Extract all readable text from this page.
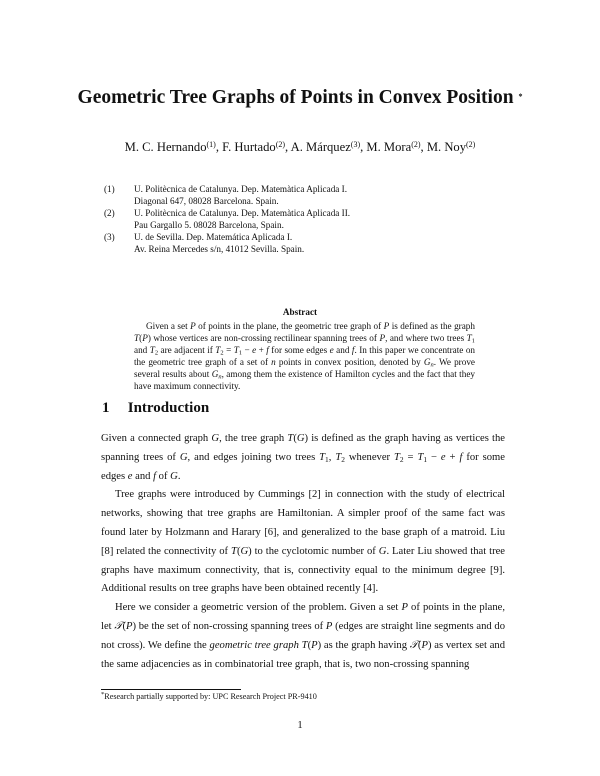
Geometric Tree Graphs of Points in Convex Position *
M. C. Hernando$^{(1)}$, F. Hurtado$^{(2)}$, A. Márquez$^{(3)}$, M. Mora$^{(2)}$, M. Noy$^{(2)}$
(1)	U. Politècnica de Catalunya. Dep. Matemàtica Aplicada I.
Diagonal 647, 08028 Barcelona. Spain.
(2)	U. Politècnica de Catalunya. Dep. Matemàtica Aplicada II.
Pau Gargallo 5. 08028 Barcelona, Spain.
(3)	U. de Sevilla. Dep. Matemática Aplicada I.
Av. Reina Mercedes s/n, 41012 Sevilla. Spain.
Abstract
Given a set P of points in the plane, the geometric tree graph of P is defined as the graph T(P) whose vertices are non-crossing rectilinear spanning trees of P, and where two trees $T_1$ and $T_2$ are adjacent if $T_2 = T_1 - e + f$ for some edges e and f. In this paper we concentrate on the geometric tree graph of a set of n points in convex position, denoted by $G_n$. We prove several results about $G_n$, among them the existence of Hamilton cycles and the fact that they have maximum connectivity.
1 Introduction

Given a connected graph G, the tree graph T(G) is defined as the graph having as vertices the spanning trees of G, and edges joining two trees $T_1$, $T_2$ whenever $T_2 = T_1 - e + f$ for some edges e and f of G.

Tree graphs were introduced by Cummings [2] in connection with the study of electrical networks, showing that tree graphs are Hamiltonian. A simpler proof of the same fact was found later by Holzmann and Harary [6], and generalized to the base graph of a matroid. Liu [8] related the connectivity of T(G) to the cyclotomic number of G. Later Liu showed that tree graphs have maximum connectivity, that is, connectivity equal to the minimum degree [9]. Additional results on tree graphs have been obtained recently [4].

Here we consider a geometric version of the problem. Given a set P of points in the plane, let 𝒯(P) be the set of non-crossing spanning trees of P (edges are straight line segments and do not cross). We define the geometric tree graph T(P) as the graph having 𝒯(P) as vertex set and the same adjacencies as in combinatorial tree graph, that is, two non-crossing spanning

*Research partially supported by: UPC Research Project PR-9410
1
